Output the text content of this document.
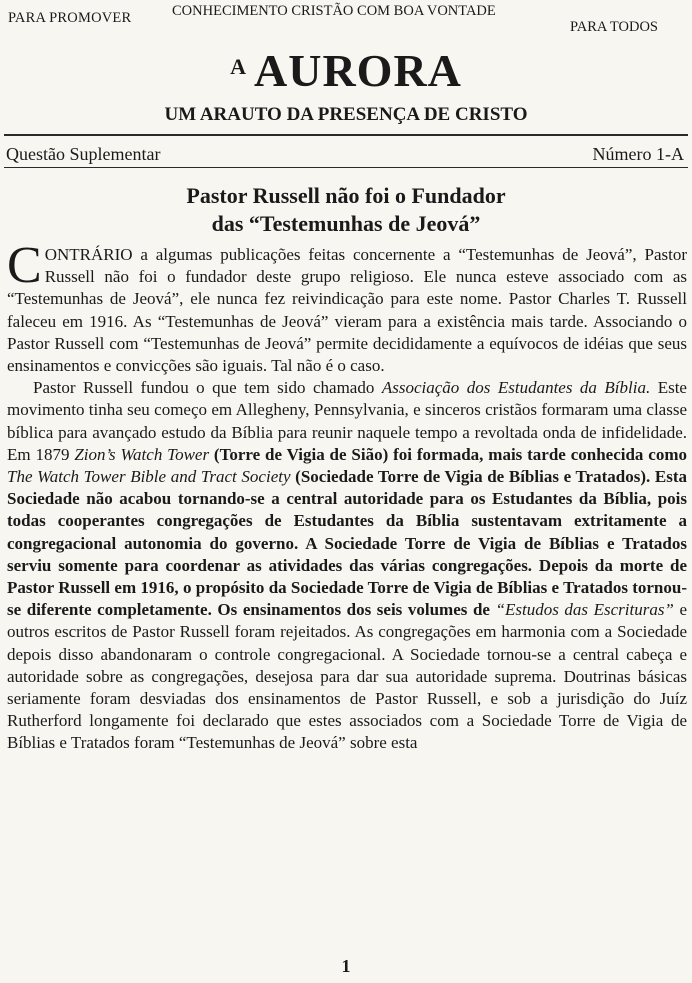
PARA PROMOVER	CONHECIMENTO CRISTÃO COM BOA VONTADE
PARA TODOS
A AURORA
UM ARAUTO DA PRESENÇA DE CRISTO
Questão Suplementar	Número 1-A
Pastor Russell não foi o Fundador
das “Testemunhas de Jeová”

CONTRÁRIO a algumas publicações feitas concernente a “Testemunhas de Jeová”, Pastor Russell não foi o fundador deste grupo religioso. Ele nunca esteve associado com as “Testemunhas de Jeová”, ele nunca fez reivindicação para este nome. Pastor Charles T. Russell faleceu em 1916. As “Testemunhas de Jeová” vieram para a existência mais tarde. Associando o Pastor Russell com “Testemunhas de Jeová” permite decididamente a equívocos de idéias que seus ensinamentos e convicções são iguais. Tal não é o caso.

Pastor Russell fundou o que tem sido chamado Associação dos Estudantes da Bíblia. Este movimento tinha seu começo em Allegheny, Pennsylvania, e sinceros cristãos formaram uma classe bíblica para avançado estudo da Bíblia para reunir naquele tempo a revoltada onda de infidelidade. Em 1879 Zion’s Watch Tower (Torre de Vigia de Sião) foi formada, mais tarde conhecida como The Watch Tower Bible and Tract Society (Sociedade Torre de Vigia de Bíblias e Tratados). Esta Sociedade não acabou tornando-se a central autoridade para os Estudantes da Bíblia, pois todas cooperantes congregações de Estudantes da Bíblia sustentavam extritamente a congregacional autonomia do governo. A Sociedade Torre de Vigia de Bíblias e Tratados serviu somente para coordenar as atividades das várias congregações. Depois da morte de Pastor Russell em 1916, o propósito da Sociedade Torre de Vigia de Bíblias e Tratados tornou-se diferente completamente. Os ensinamentos dos seis volumes de “Estudos das Escrituras” e outros escritos de Pastor Russell foram rejeitados. As congregações em harmonia com a Sociedade depois disso abandonaram o controle congregacional. A Sociedade tornou-se a central cabeça e autoridade sobre as congregações, desejosa para dar sua autoridade suprema. Doutrinas básicas seriamente foram desviadas dos ensinamentos de Pastor Russell, e sob a jurisdição do Juíz Rutherford longamente foi declarado que estes associados com a Sociedade Torre de Vigia de Bíblias e Tratados foram “Testemunhas de Jeová” sobre esta

1
